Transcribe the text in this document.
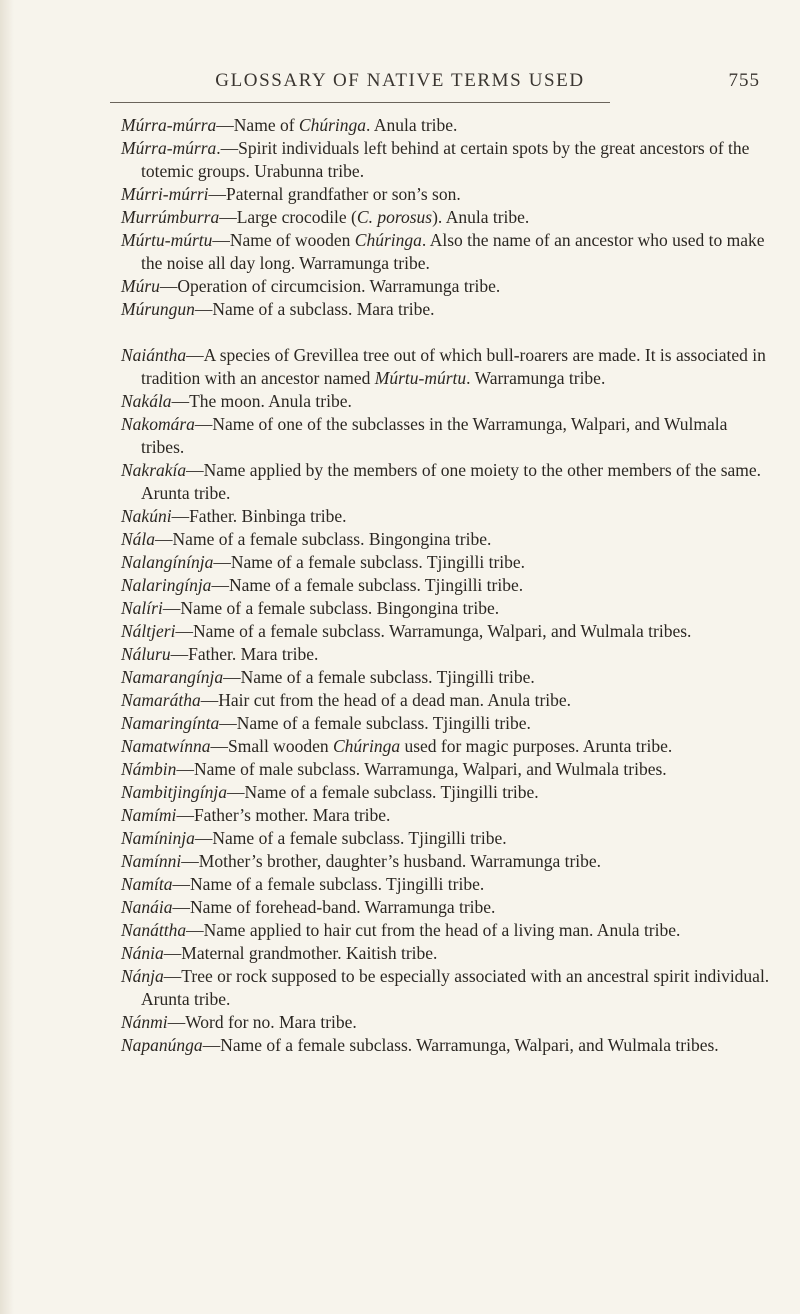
GLOSSARY OF NATIVE TERMS USED	755

Múrra-múrra—Name of Chúringa. Anula tribe.

Múrra-múrra.—Spirit individuals left behind at certain spots by the great ancestors of the totemic groups. Urabunna tribe.

Múrri-múrri—Paternal grandfather or son’s son.

Murrúmburra—Large crocodile (C. porosus). Anula tribe.

Múrtu-múrtu—Name of wooden Chúringa. Also the name of an ancestor who used to make the noise all day long. Warramunga tribe.

Múru—Operation of circumcision. Warramunga tribe.

Múrungun—Name of a subclass. Mara tribe.

Naiántha—A species of Grevillea tree out of which bull-roarers are made. It is associated in tradition with an ancestor named Múrtu-múrtu. Warramunga tribe.

Nakála—The moon. Anula tribe.

Nakomára—Name of one of the subclasses in the Warramunga, Walpari, and Wulmala tribes.

Nakrakía—Name applied by the members of one moiety to the other members of the same. Arunta tribe.

Nakúni—Father. Binbinga tribe.

Nála—Name of a female subclass. Bingongina tribe.

Nalangínínja—Name of a female subclass. Tjingilli tribe.

Nalaringínja—Name of a female subclass. Tjingilli tribe.

Nalíri—Name of a female subclass. Bingongina tribe.

Náltjeri—Name of a female subclass. Warramunga, Walpari, and Wulmala tribes.

Náluru—Father. Mara tribe.

Namarangínja—Name of a female subclass. Tjingilli tribe.

Namarátha—Hair cut from the head of a dead man. Anula tribe.

Namaringínta—Name of a female subclass. Tjingilli tribe.

Namatwínna—Small wooden Chúringa used for magic purposes. Arunta tribe.

Námbin—Name of male subclass. Warramunga, Walpari, and Wulmala tribes.

Nambitjingínja—Name of a female subclass. Tjingilli tribe.

Namími—Father’s mother. Mara tribe.

Namíninja—Name of a female subclass. Tjingilli tribe.

Namínni—Mother’s brother, daughter’s husband. Warramunga tribe.

Namíta—Name of a female subclass. Tjingilli tribe.

Nanáia—Name of forehead-band. Warramunga tribe.

Nanáttha—Name applied to hair cut from the head of a living man. Anula tribe.

Nánia—Maternal grandmother. Kaitish tribe.

Nánja—Tree or rock supposed to be especially associated with an ancestral spirit individual. Arunta tribe.

Nánmi—Word for no. Mara tribe.

Napanúnga—Name of a female subclass. Warramunga, Walpari, and Wulmala tribes.
